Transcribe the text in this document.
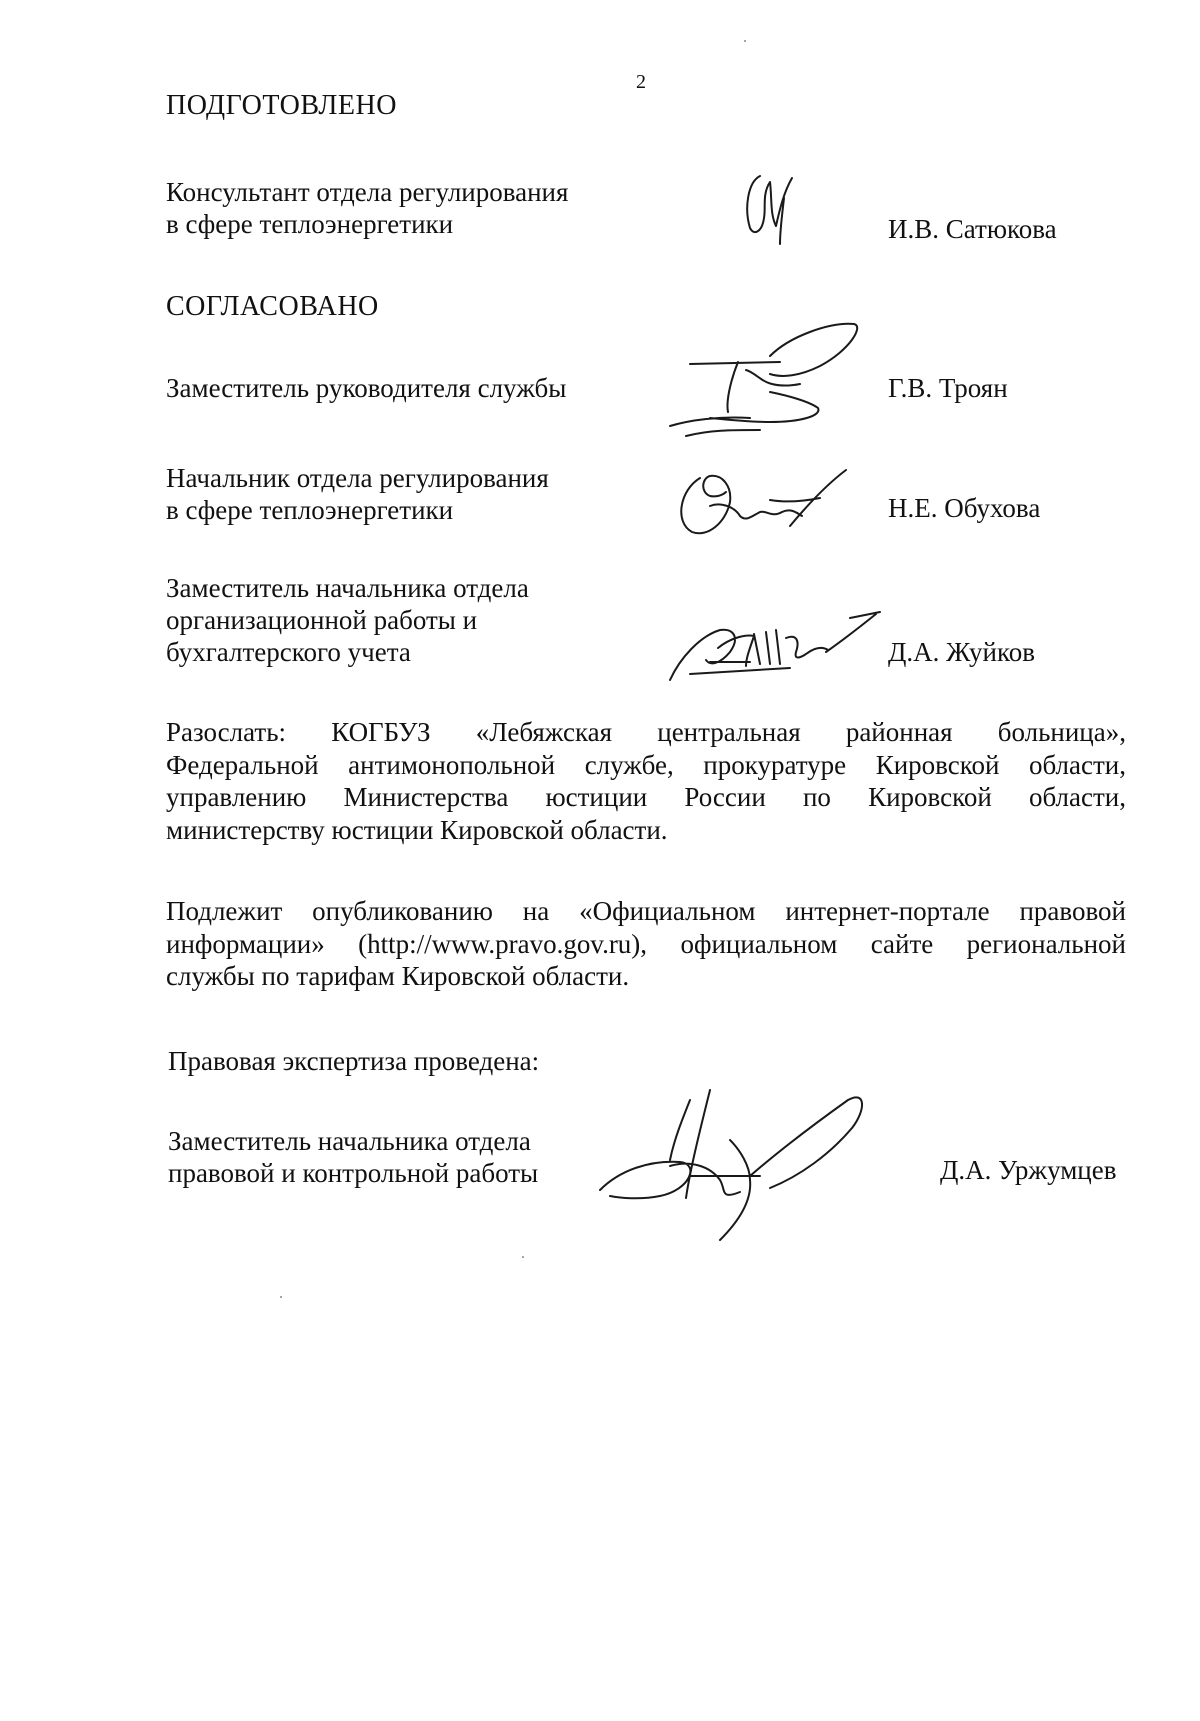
2
ПОДГОТОВЛЕНО
Консультант отдела регулирования
в сфере теплоэнергетики	И.В. Сатюкова
СОГЛАСОВАНО
Заместитель руководителя службы	Г.В. Троян
Начальник отдела регулирования
в сфере теплоэнергетики	Н.Е. Обухова
Заместитель начальника отдела
организационной работы и
бухгалтерского учета	Д.А. Жуйков
Разослать: КОГБУЗ «Лебяжская центральная районная больница»,
Федеральной антимонопольной службе, прокуратуре Кировской области,
управлению Министерства юстиции России по Кировской области,
министерству юстиции Кировской области.
Подлежит опубликованию на «Официальном интернет-портале правовой
информации» (http://www.pravo.gov.ru), официальном сайте региональной
службы по тарифам Кировской области.
Правовая экспертиза проведена:
Заместитель начальника отдела
правовой и контрольной работы	Д.А. Уржумцев
